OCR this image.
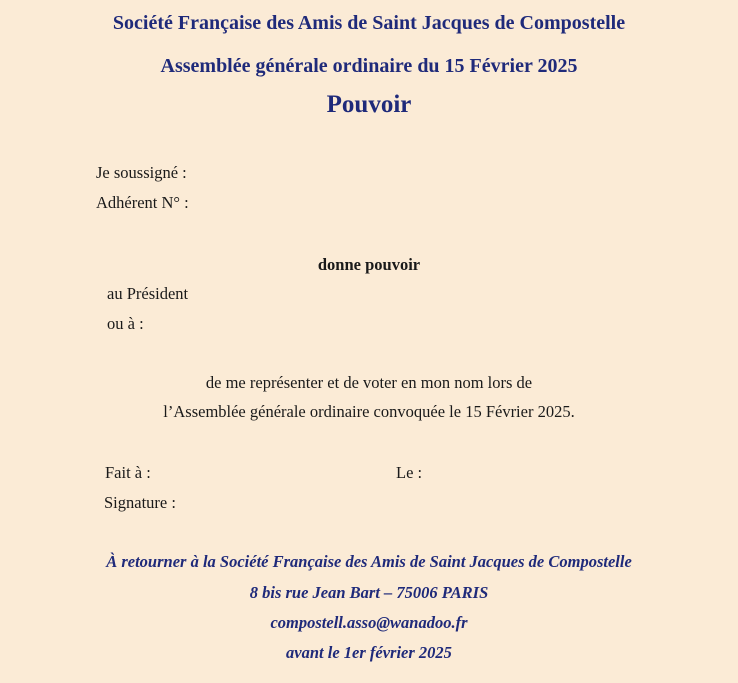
Société Française des Amis de Saint Jacques de Compostelle
Assemblée générale ordinaire du 15 Février 2025
Pouvoir
Je soussigné :
Adhérent N° :
donne pouvoir
au Président
ou à :
de me représenter et de voter en mon nom lors de
l’Assemblée générale ordinaire convoquée le 15 Février 2025.
Fait à :	Le :
Signature :
À retourner à la Société Française des Amis de Saint Jacques de Compostelle
8 bis rue Jean Bart – 75006 PARIS
compostell.asso@wanadoo.fr
avant le 1er février 2025
